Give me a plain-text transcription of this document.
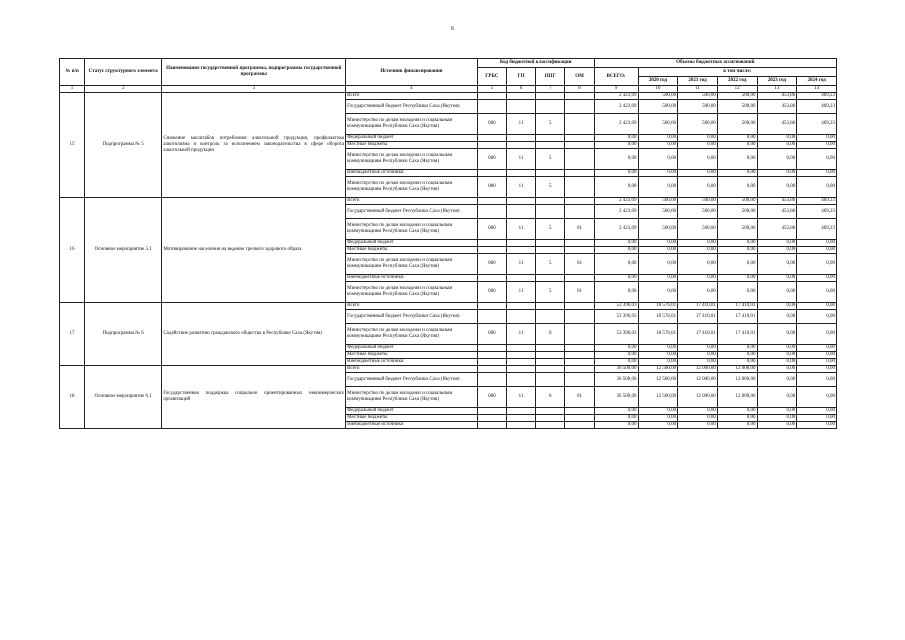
6
№ п/п	Статус структурного элемента	Наименование государственной программы, подпрограммы государственной программы	Источник финансирования	Код бюджетной классификации				Объемы бюджетных ассигнований					
				ГРБС	ГП	ППГ	ОМ	ВСЕГО:	в том числе:				
									2020 год	2021 год	2022 год	2023 год	2024 год
1	2	3	4	5	6	7	8	9	10	11	12	13	14
15	Подпрограмма № 5	Снижение масштабов потребления алкогольной продукции, профилактика алкоголизма и контроль за исполнением законодательства в сфере оборота алкогольной продукции	Всего					2 423,09	500,00	500,00	500,00	453,86	469,23
			Государственный бюджет Республики Саха (Якутия)					2 423,09	500,00	500,00	500,00	453,86	469,23
			Министерство по делам молодежи и социальным коммуникациям Республики Саха (Якутия)	080	11	5		2 423,09	500,00	500,00	500,00	453,86	469,23
			Федеральный бюджет					0,00	0,00	0,00	0,00	0,00	0,00
			Местные бюджеты					0,00	0,00	0,00	0,00	0,00	0,00
			Министерство по делам молодежи и социальным коммуникациям Республики Саха (Якутия)	080	11	5		0,00	0,00	0,00	0,00	0,00	0,00
			Внебюджетные источники					0,00	0,00	0,00	0,00	0,00	0,00
			Министерство по делам молодежи и социальным коммуникациям Республики Саха (Якутия)	080	11	5		0,00	0,00	0,00	0,00	0,00	0,00
16	Основное мероприятие 5.1	Мотивирование населения на ведение трезвого здорового образа	Всего					2 423,09	500,00	500,00	500,00	453,86	469,23
			Государственный бюджет Республики Саха (Якутия)					2 423,09	500,00	500,00	500,00	453,86	469,23
			Министерство по делам молодежи и социальным коммуникациям Республики Саха (Якутия)	080	11	5	01	2 423,09	500,00	500,00	500,00	453,86	469,23
			Федеральный бюджет					0,00	0,00	0,00	0,00	0,00	0,00
			Местные бюджеты					0,00	0,00	0,00	0,00	0,00	0,00
			Министерство по делам молодежи и социальным коммуникациям Республики Саха (Якутия)	080	11	5	01	0,00	0,00	0,00	0,00	0,00	0,00
			Внебюджетные источники					0,00	0,00	0,00	0,00	0,00	0,00
			Министерство по делам молодежи и социальным коммуникациям Республики Саха (Якутия)	080	11	5	01	0,00	0,00	0,00	0,00	0,00	0,00
17	Подпрограмма № 6	Содействие развитию гражданского общества в Республике Саха (Якутия)	Всего					53 396,03	18 576,01	17 410,01	17 410,01	0,00	0,00
			Государственный бюджет Республики Саха (Якутия)					53 396,03	18 576,01	17 410,01	17 410,01	0,00	0,00
			Министерство по делам молодежи и социальным коммуникациям Республики Саха (Якутия)	080	11	6		53 396,03	18 576,01	17 410,01	17 410,01	0,00	0,00
			Федеральный бюджет					0,00	0,00	0,00	0,00	0,00	0,00
			Местные бюджеты					0,00	0,00	0,00	0,00	0,00	0,00
			Внебюджетные источники					0,00	0,00	0,00	0,00	0,00	0,00
18	Основное мероприятие 6.1	Государственная поддержка социально ориентированных некоммерческих организаций	Всего					36 500,00	12 500,00	12 000,00	12 000,00	0,00	0,00
			Государственный бюджет Республики Саха (Якутия)					36 500,00	12 500,00	12 000,00	12 000,00	0,00	0,00
			Министерство по делам молодежи и социальным коммуникациям Республики Саха (Якутия)	080	11	6	01	36 500,00	12 500,00	12 000,00	12 000,00	0,00	0,00
			Федеральный бюджет					0,00	0,00	0,00	0,00	0,00	0,00
			Местные бюджеты					0,00	0,00	0,00	0,00	0,00	0,00
			Внебюджетные источники					0,00	0,00	0,00	0,00	0,00	0,00
